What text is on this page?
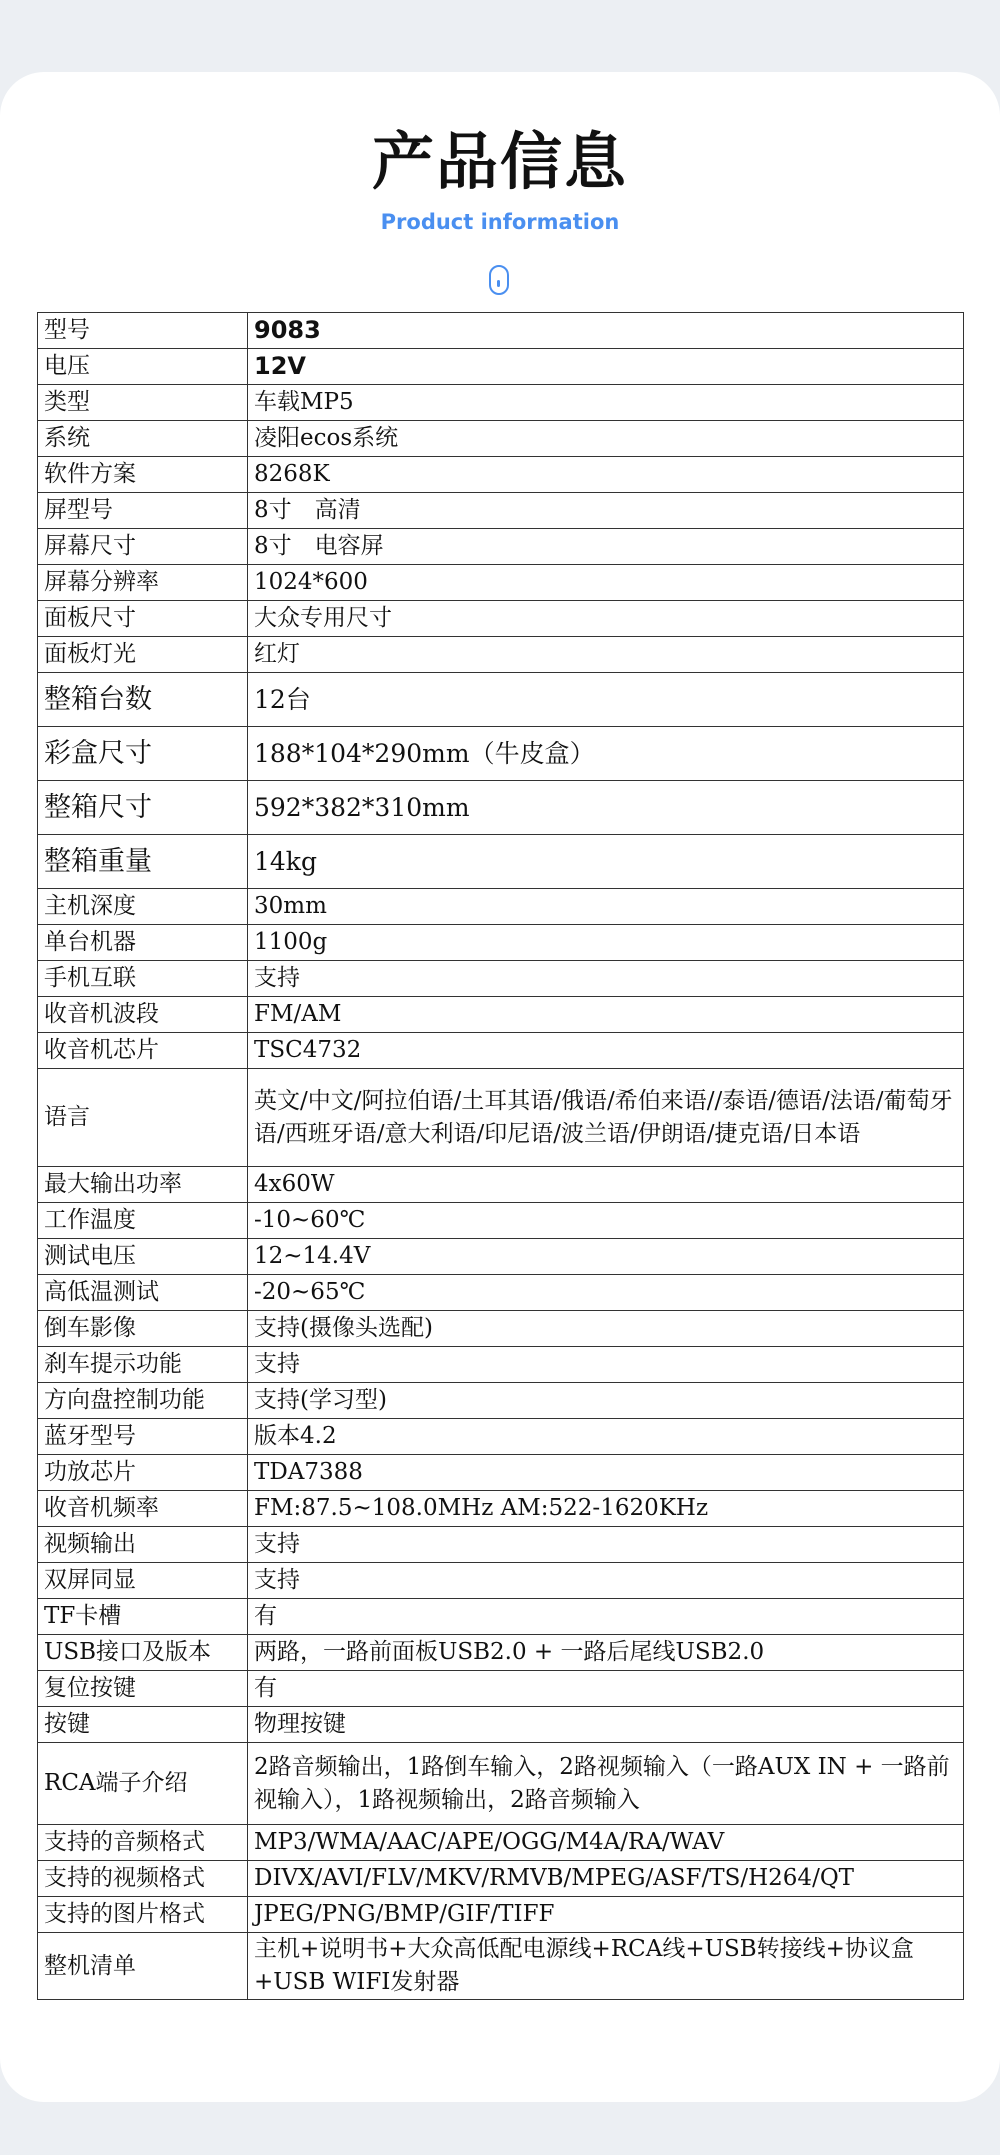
产品信息
Product information
型号	9083
电压	12V
类型	车载MP5
系统	凌阳ecos系统
软件方案	8268K
屏型号	8寸　高清
屏幕尺寸	8寸　电容屏
屏幕分辨率	1024*600
面板尺寸	大众专用尺寸
面板灯光	红灯
整箱台数	12台
彩盒尺寸	188*104*290mm（牛皮盒）
整箱尺寸	592*382*310mm
整箱重量	14kg
主机深度	30mm
单台机器	1100g
手机互联	支持
收音机波段	FM/AM
收音机芯片	TSC4732
语言	英文/中文/阿拉伯语/土耳其语/俄语/希伯来语//泰语/德语/法语/葡萄牙语/西班牙语/意大利语/印尼语/波兰语/伊朗语/捷克语/日本语
最大输出功率	4x60W
工作温度	-10~60℃
测试电压	12~14.4V
高低温测试	-20~65℃
倒车影像	支持(摄像头选配)
刹车提示功能	支持
方向盘控制功能	支持(学习型)
蓝牙型号	版本4.2
功放芯片	TDA7388
收音机频率	FM:87.5~108.0MHz AM:522-1620KHz
视频输出	支持
双屏同显	支持
TF卡槽	有
USB接口及版本	两路，一路前面板USB2.0 + 一路后尾线USB2.0
复位按键	有
按键	物理按键
RCA端子介绍	2路音频输出，1路倒车输入，2路视频输入（一路AUX IN + 一路前视输入），1路视频输出，2路音频输入
支持的音频格式	MP3/WMA/AAC/APE/OGG/M4A/RA/WAV
支持的视频格式	DIVX/AVI/FLV/MKV/RMVB/MPEG/ASF/TS/H264/QT
支持的图片格式	JPEG/PNG/BMP/GIF/TIFF
整机清单	主机+说明书+大众高低配电源线+RCA线+USB转接线+协议盒+USB WIFI发射器
